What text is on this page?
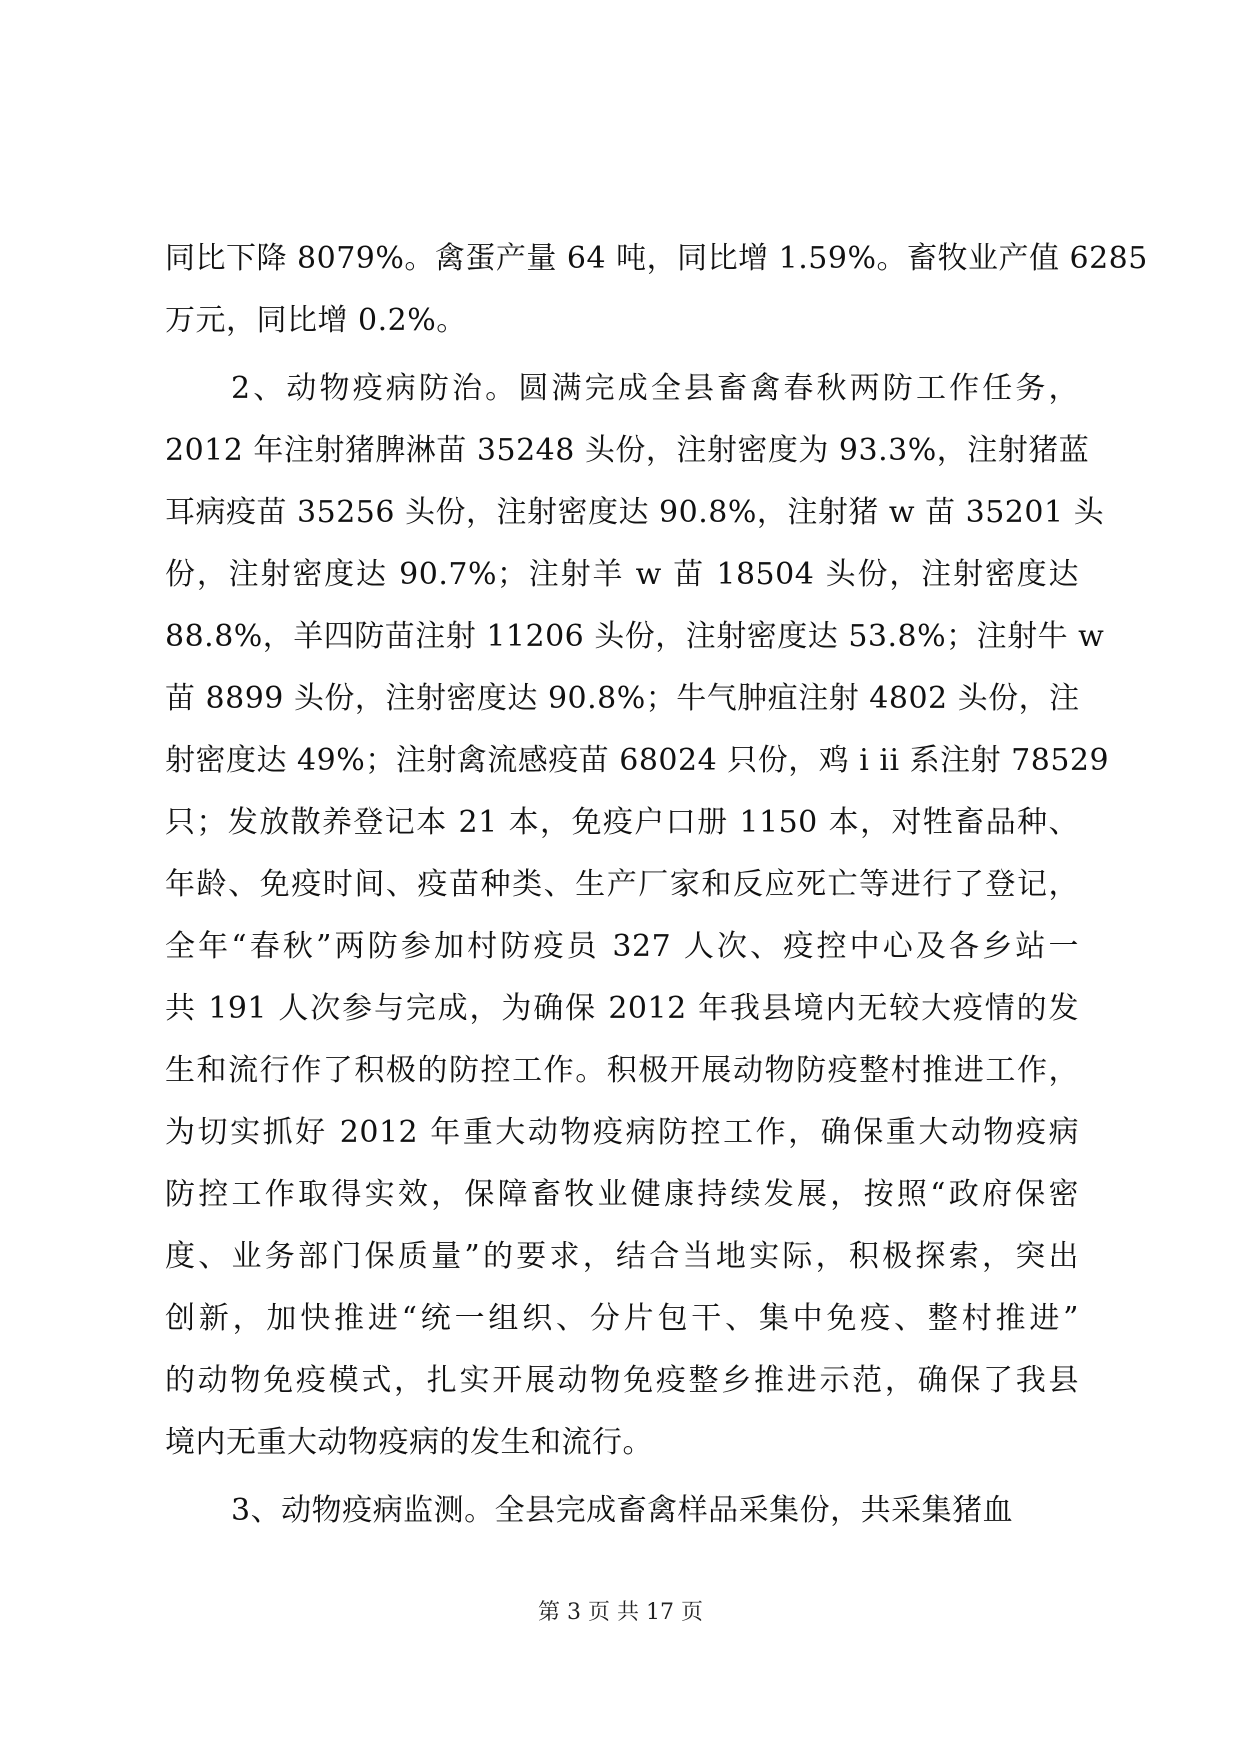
同比下降 8079%。禽蛋产量 64 吨，同比增 1.59%。畜牧业产值 6285
万元，同比增 0.2%。
2、动物疫病防治。圆满完成全县畜禽春秋两防工作任务，
2012 年注射猪脾淋苗 35248 头份，注射密度为 93.3%，注射猪蓝
耳病疫苗 35256 头份，注射密度达 90.8%，注射猪 w 苗 35201 头
份，注射密度达 90.7%；注射羊 w 苗 18504 头份，注射密度达
88.8%，羊四防苗注射 11206 头份，注射密度达 53.8%；注射牛 w
苗 8899 头份，注射密度达 90.8%；牛气肿疽注射 4802 头份，注
射密度达 49%；注射禽流感疫苗 68024 只份，鸡 i ii 系注射 78529
只；发放散养登记本 21 本，免疫户口册 1150 本，对牲畜品种、
年龄、免疫时间、疫苗种类、生产厂家和反应死亡等进行了登记，
全年“春秋”两防参加村防疫员 327 人次、疫控中心及各乡站一
共 191 人次参与完成，为确保 2012 年我县境内无较大疫情的发
生和流行作了积极的防控工作。积极开展动物防疫整村推进工作，
为切实抓好 2012 年重大动物疫病防控工作，确保重大动物疫病
防控工作取得实效，保障畜牧业健康持续发展，按照“政府保密
度、业务部门保质量”的要求，结合当地实际，积极探索，突出
创新，加快推进“统一组织、分片包干、集中免疫、整村推进”
的动物免疫模式，扎实开展动物免疫整乡推进示范，确保了我县
境内无重大动物疫病的发生和流行。
3、动物疫病监测。全县完成畜禽样品采集份，共采集猪血
第 3 页 共 17 页
